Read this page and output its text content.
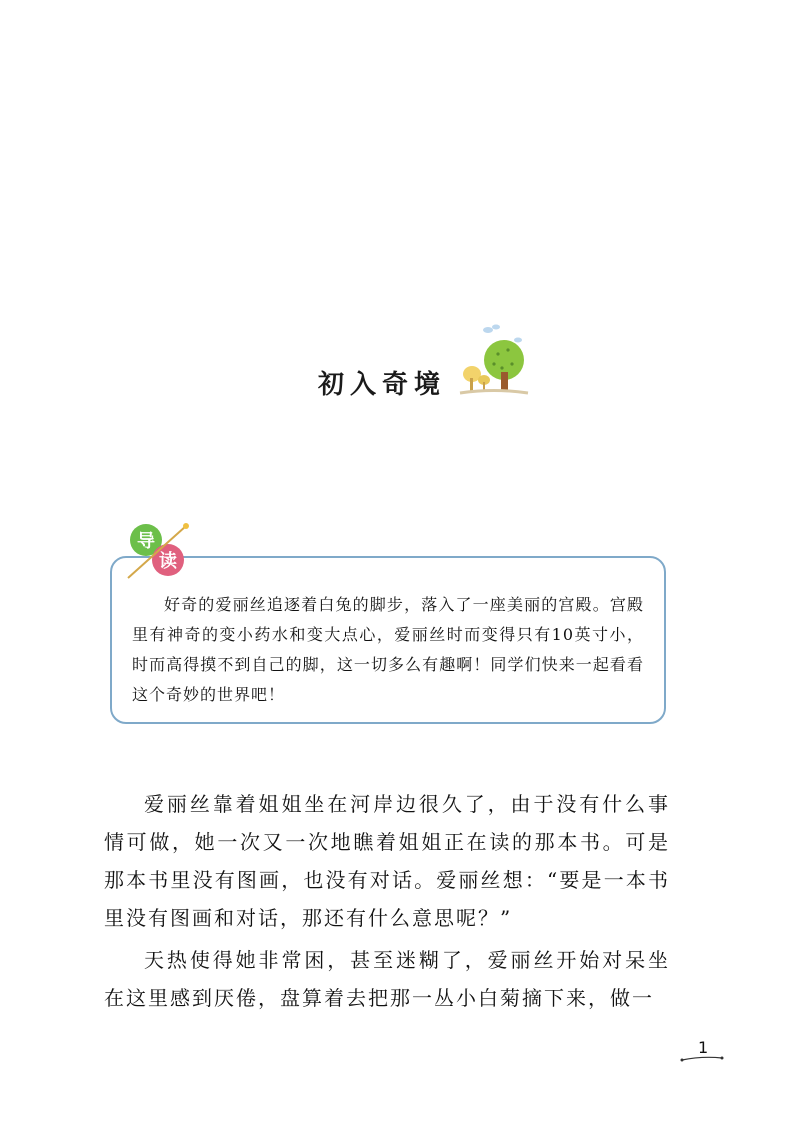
初入奇境
导
读

好奇的爱丽丝追逐着白兔的脚步，落入了一座美丽的宫殿。宫殿里有神奇的变小药水和变大点心，爱丽丝时而变得只有10英寸小，时而高得摸不到自己的脚，这一切多么有趣啊！同学们快来一起看看这个奇妙的世界吧！

爱丽丝靠着姐姐坐在河岸边很久了，由于没有什么事情可做，她一次又一次地瞧着姐姐正在读的那本书。可是那本书里没有图画，也没有对话。爱丽丝想：“要是一本书里没有图画和对话，那还有什么意思呢？”

天热使得她非常困，甚至迷糊了，爱丽丝开始对呆坐在这里感到厌倦，盘算着去把那一丛小白菊摘下来，做一

1
